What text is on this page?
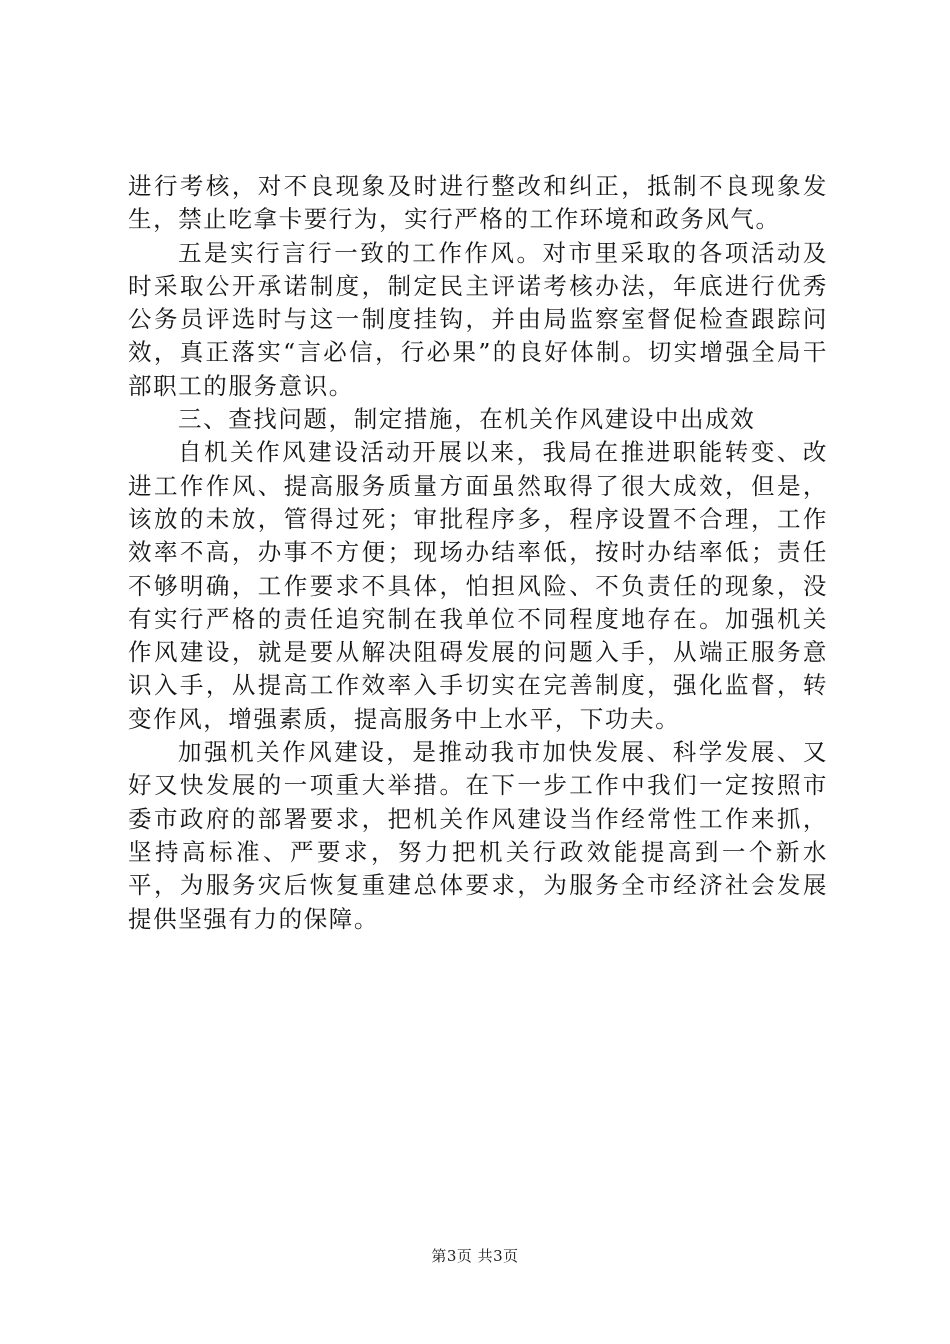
进行考核，对不良现象及时进行整改和纠正，抵制不良现象发生，禁止吃拿卡要行为，实行严格的工作环境和政务风气。

五是实行言行一致的工作作风。对市里采取的各项活动及时采取公开承诺制度，制定民主评诺考核办法，年底进行优秀公务员评选时与这一制度挂钩，并由局监察室督促检查跟踪问效，真正落实“言必信，行必果”的良好体制。切实增强全局干部职工的服务意识。

三、查找问题，制定措施，在机关作风建设中出成效

自机关作风建设活动开展以来，我局在推进职能转变、改进工作作风、提高服务质量方面虽然取得了很大成效，但是，该放的未放，管得过死；审批程序多，程序设置不合理，工作效率不高，办事不方便；现场办结率低，按时办结率低；责任不够明确，工作要求不具体，怕担风险、不负责任的现象，没有实行严格的责任追究制在我单位不同程度地存在。加强机关作风建设，就是要从解决阻碍发展的问题入手，从端正服务意识入手，从提高工作效率入手切实在完善制度，强化监督，转变作风，增强素质，提高服务中上水平，下功夫。

加强机关作风建设，是推动我市加快发展、科学发展、又好又快发展的一项重大举措。在下一步工作中我们一定按照市委市政府的部署要求，把机关作风建设当作经常性工作来抓，坚持高标准、严要求，努力把机关行政效能提高到一个新水平，为服务灾后恢复重建总体要求，为服务全市经济社会发展提供坚强有力的保障。

第3页 共3页
